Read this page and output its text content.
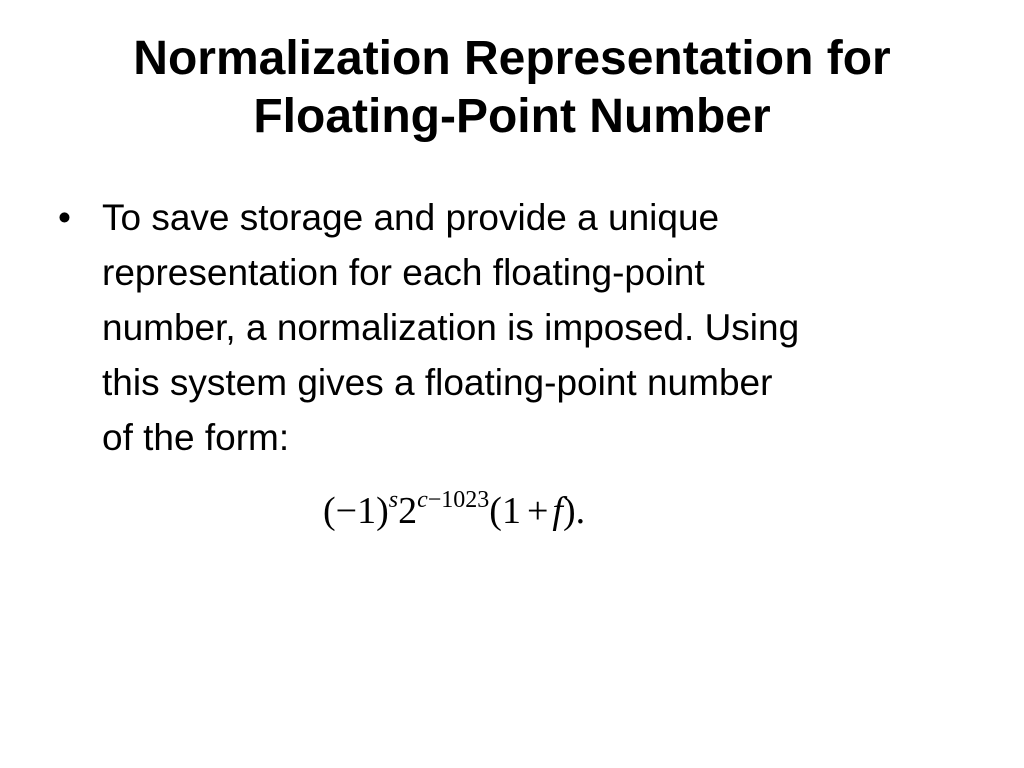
Normalization Representation for
Floating-Point Number
• To save storage and provide a unique
representation for each floating-point
number, a normalization is imposed. Using
this system gives a floating-point number
of the form:
$(-1)^s2^{c-1023}(1 + f)$.
